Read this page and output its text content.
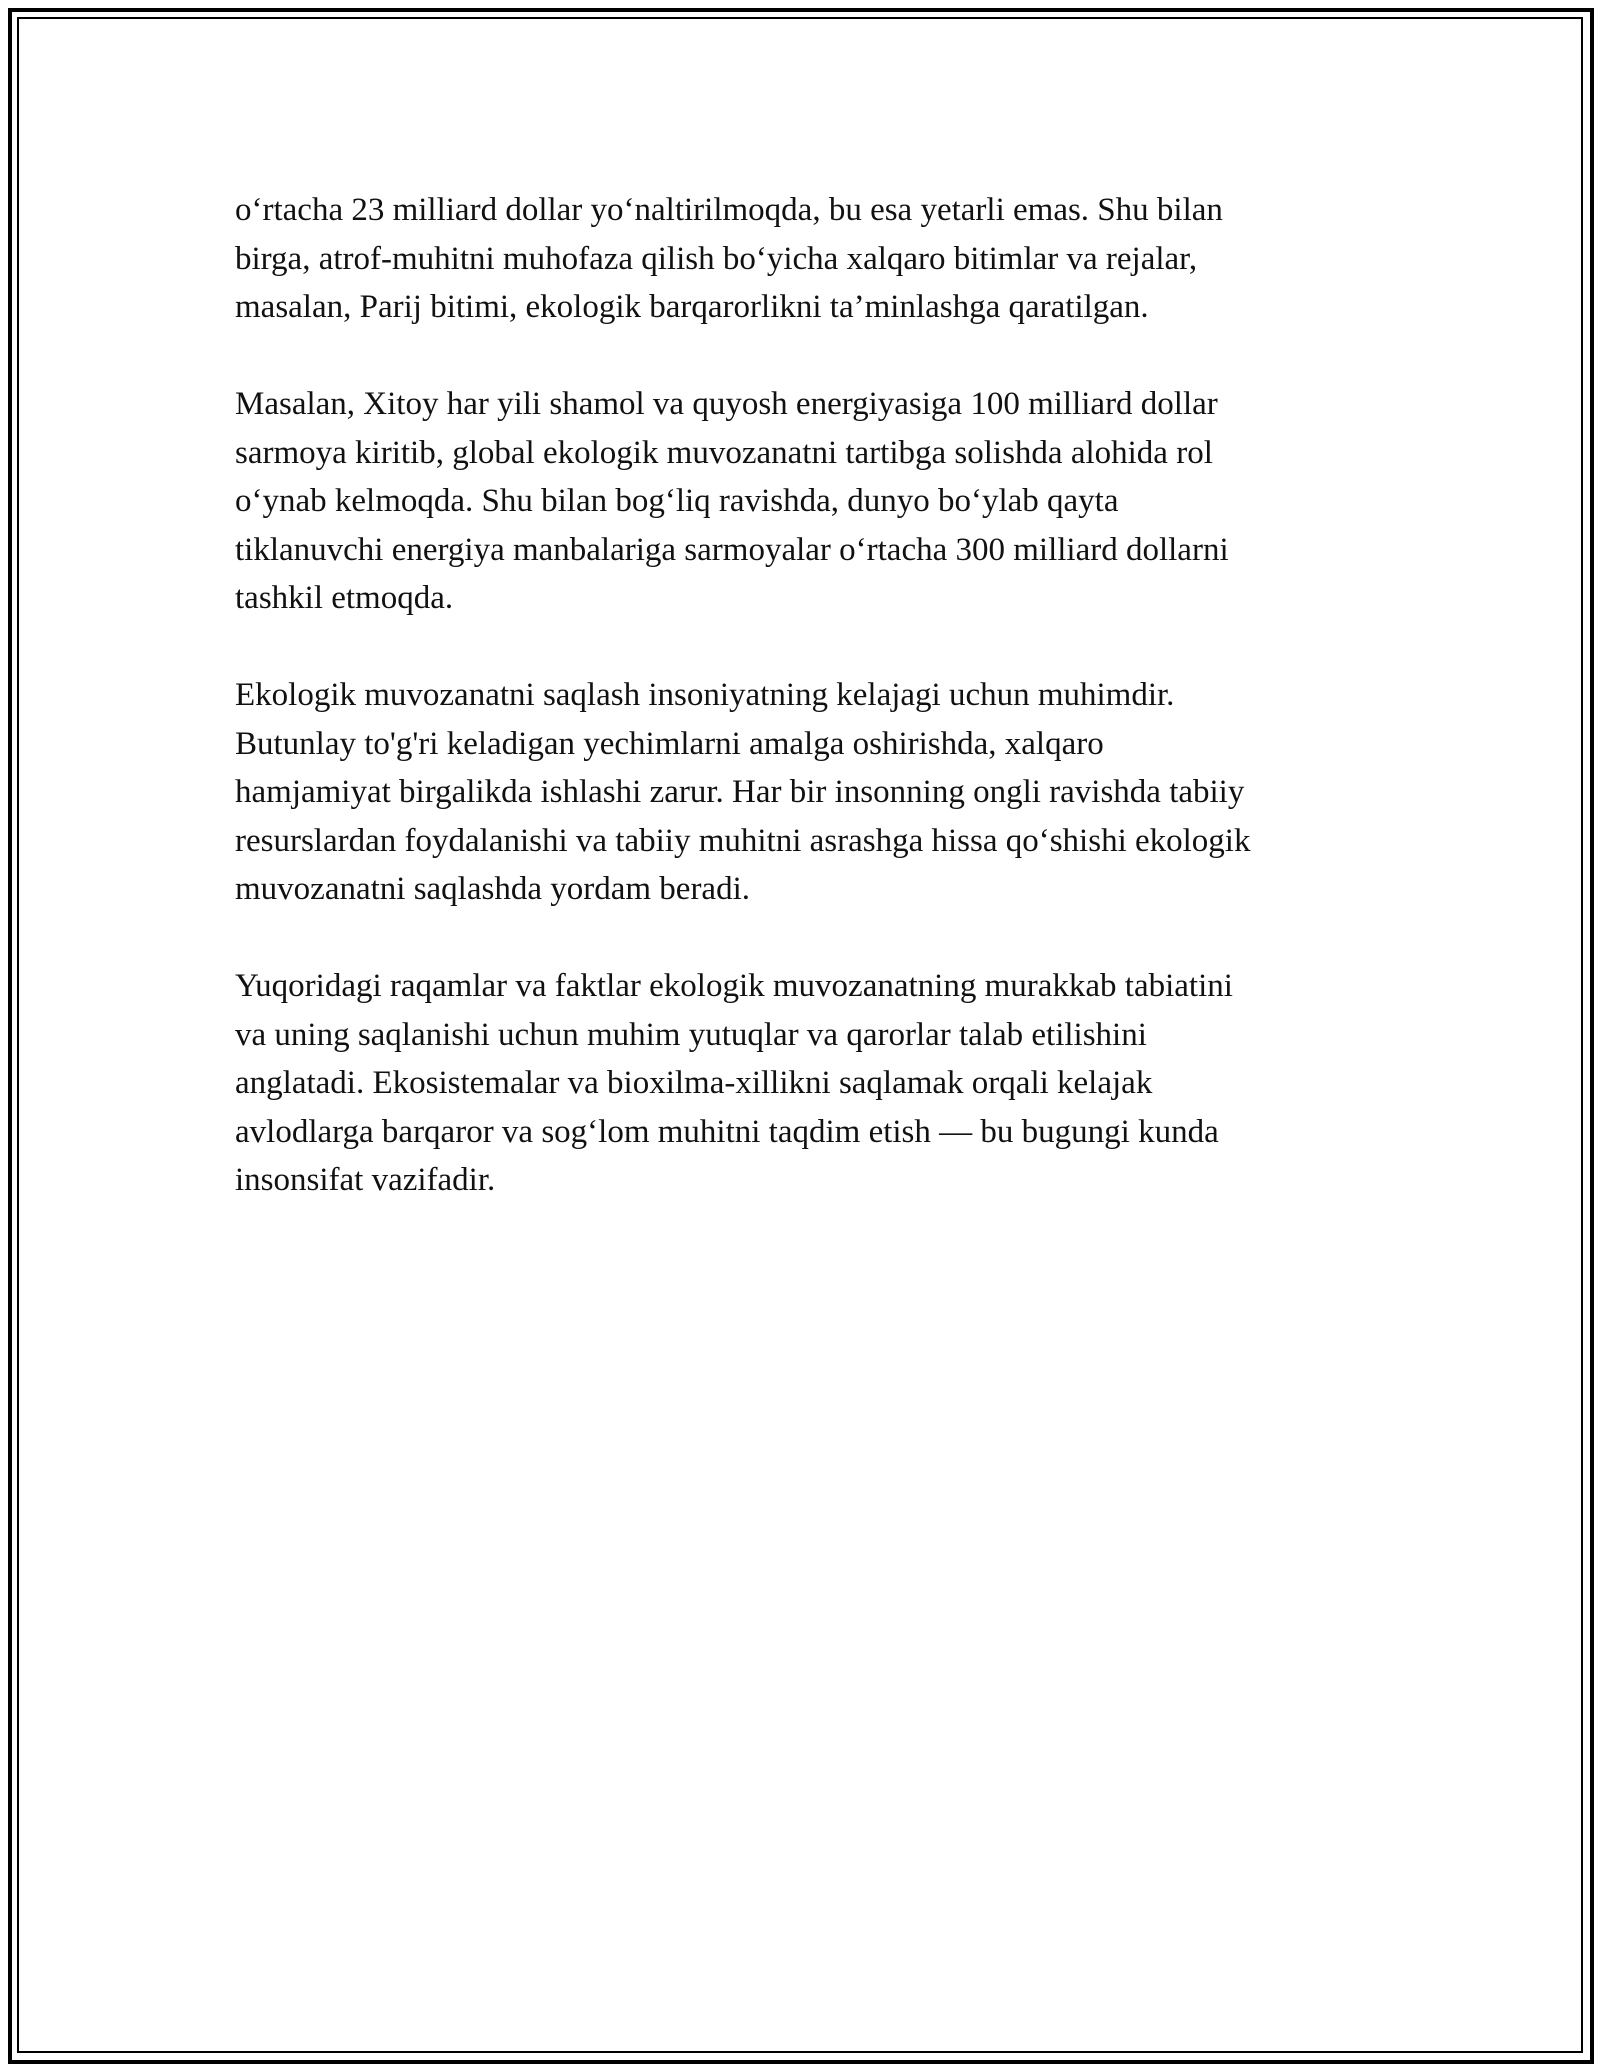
o‘rtacha 23 milliard dollar yo‘naltirilmoqda, bu esa yetarli emas. Shu bilan
birga, atrof-muhitni muhofaza qilish bo‘yicha xalqaro bitimlar va rejalar,
masalan, Parij bitimi, ekologik barqarorlikni ta’minlashga qaratilgan.

Masalan, Xitoy har yili shamol va quyosh energiyasiga 100 milliard dollar
sarmoya kiritib, global ekologik muvozanatni tartibga solishda alohida rol
o‘ynab kelmoqda. Shu bilan bog‘liq ravishda, dunyo bo‘ylab qayta
tiklanuvchi energiya manbalariga sarmoyalar o‘rtacha 300 milliard dollarni
tashkil etmoqda.

Ekologik muvozanatni saqlash insoniyatning kelajagi uchun muhimdir.
Butunlay to'g'ri keladigan yechimlarni amalga oshirishda, xalqaro
hamjamiyat birgalikda ishlashi zarur. Har bir insonning ongli ravishda tabiiy
resurslardan foydalanishi va tabiiy muhitni asrashga hissa qo‘shishi ekologik
muvozanatni saqlashda yordam beradi.

Yuqoridagi raqamlar va faktlar ekologik muvozanatning murakkab tabiatini
va uning saqlanishi uchun muhim yutuqlar va qarorlar talab etilishini
anglatadi. Ekosistemalar va bioxilma-xillikni saqlamak orqali kelajak
avlodlarga barqaror va sog‘lom muhitni taqdim etish — bu bugungi kunda
insonsifat vazifadir.
